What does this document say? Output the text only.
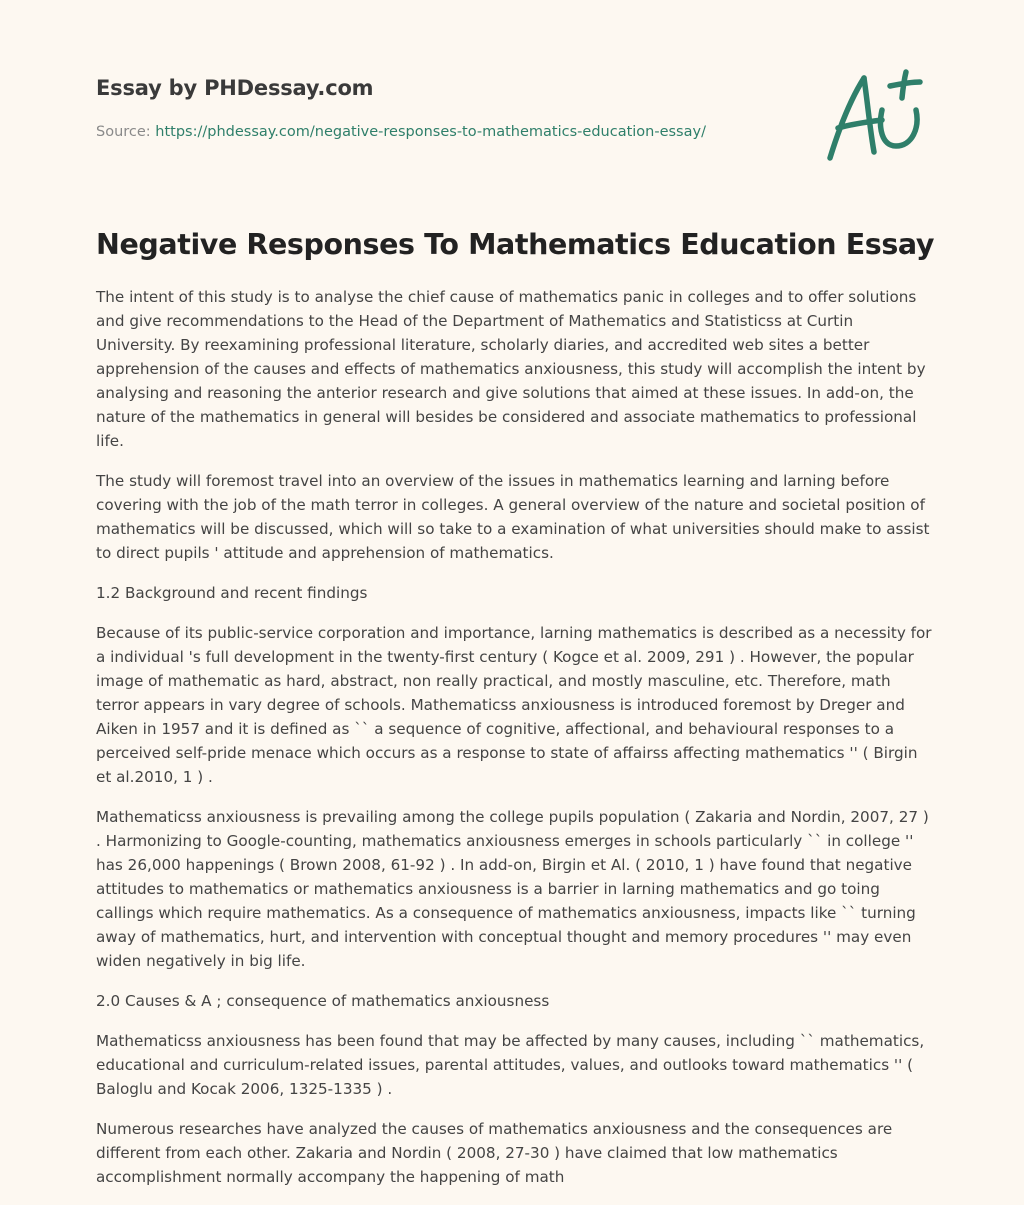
Essay by PHDessay.com
Source: https://phdessay.com/negative-responses-to-mathematics-education-essay/
Negative Responses To Mathematics Education Essay

The intent of this study is to analyse the chief cause of mathematics panic in colleges and to offer solutions and give recommendations to the Head of the Department of Mathematics and Statisticss at Curtin University. By reexamining professional literature, scholarly diaries, and accredited web sites a better apprehension of the causes and effects of mathematics anxiousness, this study will accomplish the intent by analysing and reasoning the anterior research and give solutions that aimed at these issues. In add-on, the nature of the mathematics in general will besides be considered and associate mathematics to professional life.

The study will foremost travel into an overview of the issues in mathematics learning and larning before covering with the job of the math terror in colleges. A general overview of the nature and societal position of mathematics will be discussed, which will so take to a examination of what universities should make to assist to direct pupils ' attitude and apprehension of mathematics.

1.2 Background and recent findings

Because of its public-service corporation and importance, larning mathematics is described as a necessity for a individual 's full development in the twenty-first century ( Kogce et al. 2009, 291 ) . However, the popular image of mathematic as hard, abstract, non really practical, and mostly masculine, etc. Therefore, math terror appears in vary degree of schools. Mathematicss anxiousness is introduced foremost by Dreger and Aiken in 1957 and it is defined as `` a sequence of cognitive, affectional, and behavioural responses to a perceived self-pride menace which occurs as a response to state of affairss affecting mathematics '' ( Birgin et al.2010, 1 ) .

Mathematicss anxiousness is prevailing among the college pupils population ( Zakaria and Nordin, 2007, 27 ) . Harmonizing to Google-counting, mathematics anxiousness emerges in schools particularly `` in college '' has 26,000 happenings ( Brown 2008, 61-92 ) . In add-on, Birgin et Al. ( 2010, 1 ) have found that negative attitudes to mathematics or mathematics anxiousness is a barrier in larning mathematics and go toing callings which require mathematics. As a consequence of mathematics anxiousness, impacts like `` turning away of mathematics, hurt, and intervention with conceptual thought and memory procedures '' may even widen negatively in big life.

2.0 Causes & A ; consequence of mathematics anxiousness

Mathematicss anxiousness has been found that may be affected by many causes, including `` mathematics, educational and curriculum-related issues, parental attitudes, values, and outlooks toward mathematics '' ( Baloglu and Kocak 2006, 1325-1335 ) .

Numerous researches have analyzed the causes of mathematics anxiousness and the consequences are different from each other. Zakaria and Nordin ( 2008, 27-30 ) have claimed that low mathematics accomplishment normally accompany the happening of math
